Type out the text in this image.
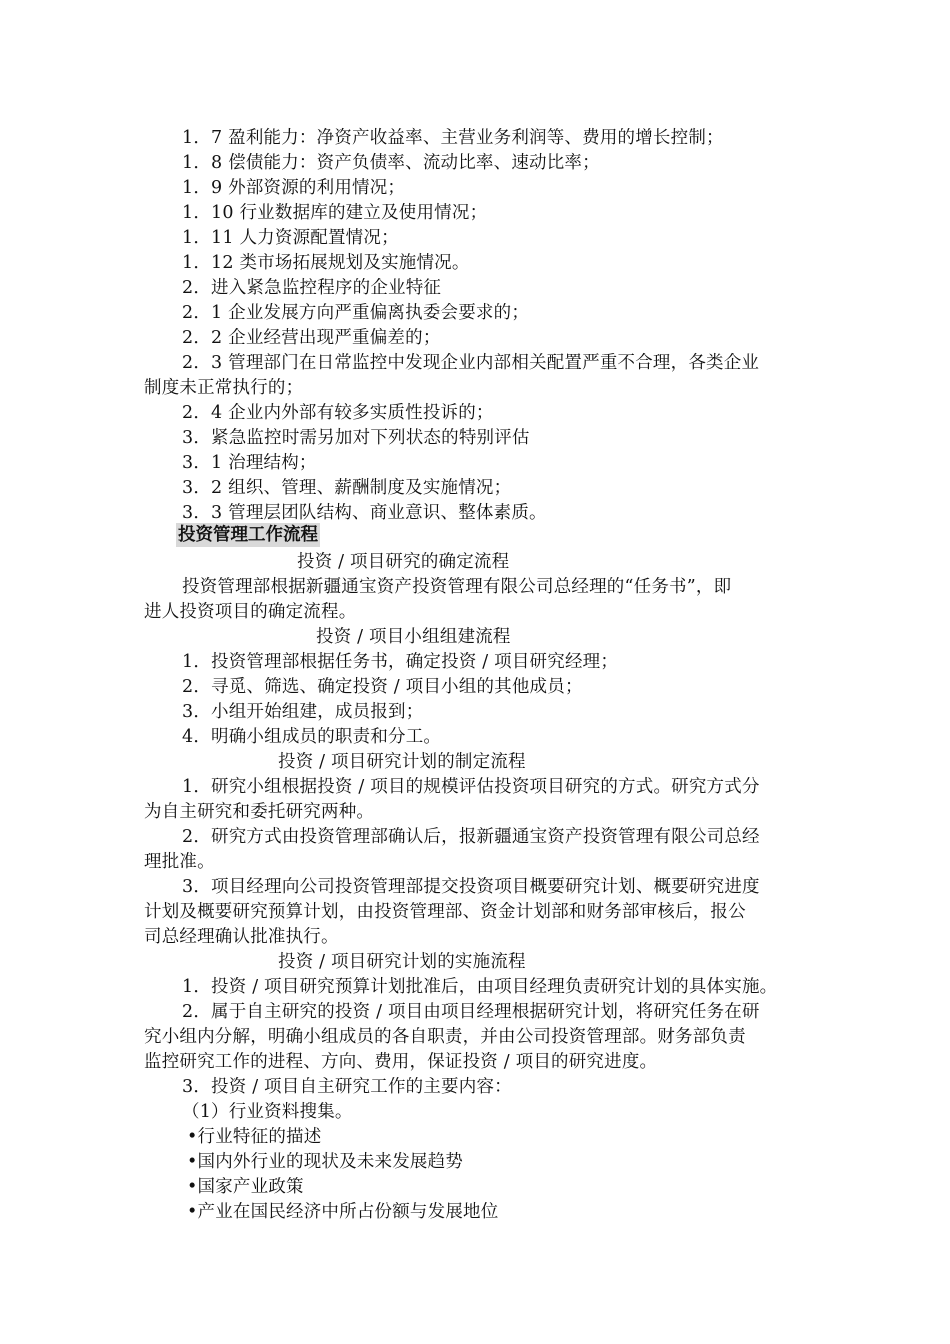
1．7 盈利能力：净资产收益率、主营业务利润等、费用的增长控制；
1．8 偿债能力：资产负债率、流动比率、速动比率；
1．9 外部资源的利用情况；
1．10 行业数据库的建立及使用情况；
1．11 人力资源配置情况；
1．12 类市场拓展规划及实施情况。
2．进入紧急监控程序的企业特征
2．1 企业发展方向严重偏离执委会要求的；
2．2 企业经营出现严重偏差的；
2．3 管理部门在日常监控中发现企业内部相关配置严重不合理，各类企业
制度未正常执行的；
2．4 企业内外部有较多实质性投诉的；
3．紧急监控时需另加对下列状态的特别评估
3．1 治理结构；
3．2 组织、管理、薪酬制度及实施情况；
3．3 管理层团队结构、商业意识、整体素质。
投资管理工作流程
投资 / 项目研究的确定流程
投资管理部根据新疆通宝资产投资管理有限公司总经理的“任务书”，即
进人投资项目的确定流程。
投资 / 项目小组组建流程
1．投资管理部根据任务书，确定投资 / 项目研究经理；
2．寻觅、筛选、确定投资 / 项目小组的其他成员；
3．小组开始组建，成员报到；
4．明确小组成员的职责和分工。
投资 / 项目研究计划的制定流程
1．研究小组根据投资 / 项目的规模评估投资项目研究的方式。研究方式分
为自主研究和委托研究两种。
2．研究方式由投资管理部确认后，报新疆通宝资产投资管理有限公司总经
理批准。
3．项目经理向公司投资管理部提交投资项目概要研究计划、概要研究进度
计划及概要研究预算计划，由投资管理部、资金计划部和财务部审核后，报公
司总经理确认批准执行。
投资 / 项目研究计划的实施流程
1．投资 / 项目研究预算计划批准后，由项目经理负责研究计划的具体实施。
2．属于自主研究的投资 / 项目由项目经理根据研究计划，将研究任务在研
究小组内分解，明确小组成员的各自职责，并由公司投资管理部。财务部负责
监控研究工作的进程、方向、费用，保证投资 / 项目的研究进度。
3．投资 / 项目自主研究工作的主要内容：
（1）行业资料搜集。
•行业特征的描述
•国内外行业的现状及未来发展趋势
•国家产业政策
•产业在国民经济中所占份额与发展地位
